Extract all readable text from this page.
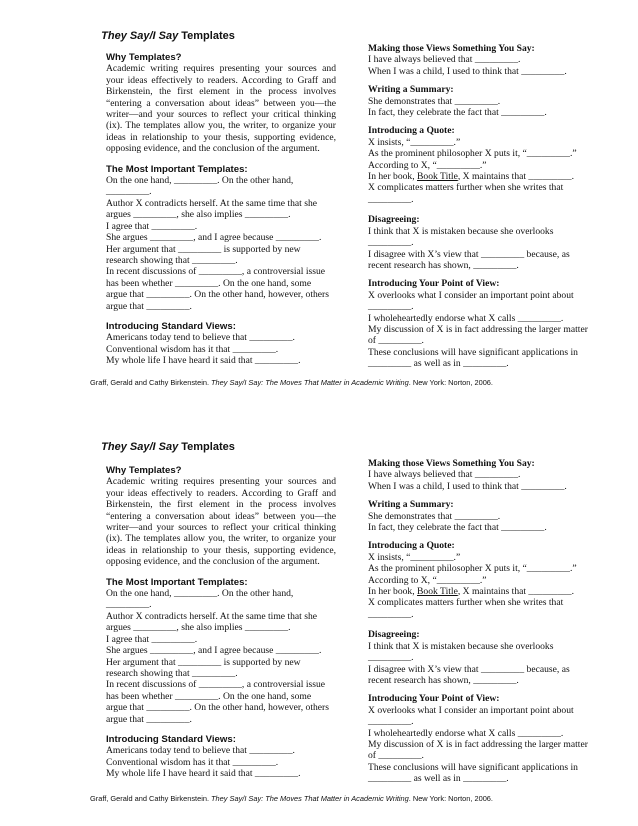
They Say/I Say Templates

Why Templates?

Academic writing requires presenting your sources and your ideas effectively to readers. According to Graff and Birkenstein, the first element in the process involves “entering a conversation about ideas” between you—the writer—and your sources to reflect your critical thinking (ix). The templates allow you, the writer, to organize your ideas in relationship to your thesis, supporting evidence, opposing evidence, and the conclusion of the argument.

The Most Important Templates:

On the one hand, _________. On the other hand,

_________.

Author X contradicts herself. At the same time that she

argues _________, she also implies _________.

I agree that _________.

She argues _________, and I agree because _________.

Her argument that _________ is supported by new

research showing that _________.

In recent discussions of _________, a controversial issue

has been whether _________. On the one hand, some

argue that _________. On the other hand, however, others

argue that _________.

Introducing Standard Views:

Americans today tend to believe that _________.

Conventional wisdom has it that _________.

My whole life I have heard it said that _________.

Making those Views Something You Say:

I have always believed that _________.

When I was a child, I used to think that _________.

Writing a Summary:

She demonstrates that _________.

In fact, they celebrate the fact that _________.

Introducing a Quote:

X insists, “_________.”

As the prominent philosopher X puts it, “_________.”

According to X, “_________.”

In her book, Book Title, X maintains that _________.

X complicates matters further when she writes that

_________.

Disagreeing:

I think that X is mistaken because she overlooks

_________.

I disagree with X’s view that _________ because, as

recent research has shown, _________.

Introducing Your Point of View:

X overlooks what I consider an important point about

_________.

I wholeheartedly endorse what X calls _________.

My discussion of X is in fact addressing the larger matter

of _________.

These conclusions will have significant applications in

_________ as well as in _________.

Graff, Gerald and Cathy Birkenstein. They Say/I Say: The Moves That Matter in Academic Writing. New York: Norton, 2006.
They Say/I Say Templates

Why Templates?

Academic writing requires presenting your sources and your ideas effectively to readers. According to Graff and Birkenstein, the first element in the process involves “entering a conversation about ideas” between you—the writer—and your sources to reflect your critical thinking (ix). The templates allow you, the writer, to organize your ideas in relationship to your thesis, supporting evidence, opposing evidence, and the conclusion of the argument.

The Most Important Templates:

On the one hand, _________. On the other hand,

_________.

Author X contradicts herself. At the same time that she

argues _________, she also implies _________.

I agree that _________.

She argues _________, and I agree because _________.

Her argument that _________ is supported by new

research showing that _________.

In recent discussions of _________, a controversial issue

has been whether _________. On the one hand, some

argue that _________. On the other hand, however, others

argue that _________.

Introducing Standard Views:

Americans today tend to believe that _________.

Conventional wisdom has it that _________.

My whole life I have heard it said that _________.

Making those Views Something You Say:

I have always believed that _________.

When I was a child, I used to think that _________.

Writing a Summary:

She demonstrates that _________.

In fact, they celebrate the fact that _________.

Introducing a Quote:

X insists, “_________.”

As the prominent philosopher X puts it, “_________.”

According to X, “_________.”

In her book, Book Title, X maintains that _________.

X complicates matters further when she writes that

_________.

Disagreeing:

I think that X is mistaken because she overlooks

_________.

I disagree with X’s view that _________ because, as

recent research has shown, _________.

Introducing Your Point of View:

X overlooks what I consider an important point about

_________.

I wholeheartedly endorse what X calls _________.

My discussion of X is in fact addressing the larger matter

of _________.

These conclusions will have significant applications in

_________ as well as in _________.

Graff, Gerald and Cathy Birkenstein. They Say/I Say: The Moves That Matter in Academic Writing. New York: Norton, 2006.
